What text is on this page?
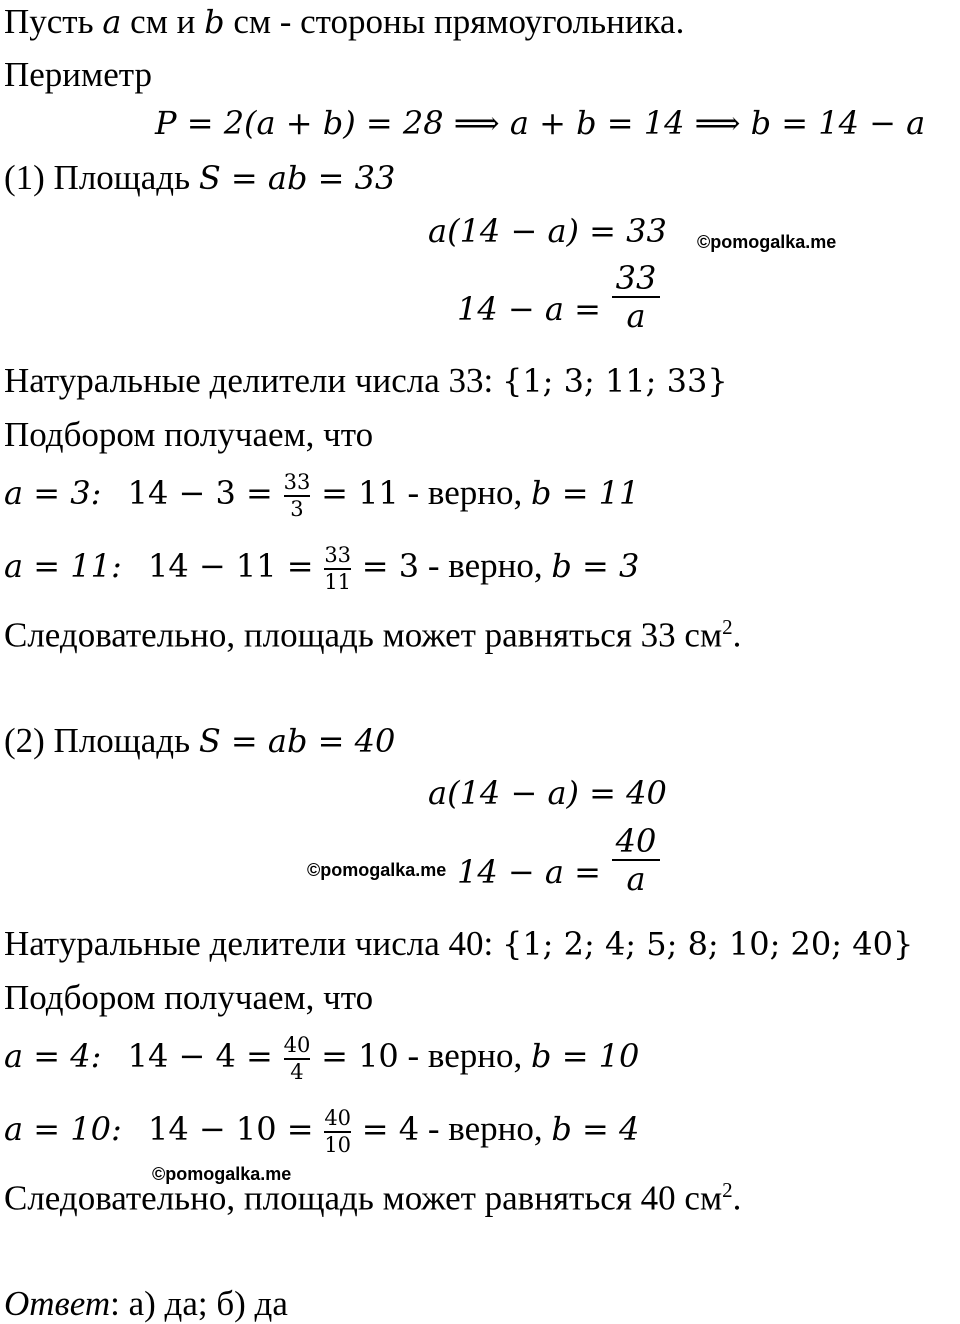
Пусть a см и b см - стороны прямоугольника.
Периметр
P = 2(a + b) = 28 ⟹ a + b = 14 ⟹ b = 14 − a
(1) Площадь S = ab = 33
a(14 − a) = 33 ©pomogalka.me
14 − a =
33
a
Натуральные делители числа 33: {1; 3; 11; 33}
Подбором получаем, что
a = 3: $14 - 3 = \frac{33}{3} = 11$ - верно, b = 11
a = 11: $14 - 11 = \frac{33}{11} = 3$ - верно, b = 3
Следовательно, площадь может равняться 33 $см^2$.
(2) Площадь S = ab = 40
a(14 − a) = 40
©pomogalka.me 14 − a =
40
a
Натуральные делители числа 40: {1; 2; 4; 5; 8; 10; 20; 40}
Подбором получаем, что
a = 4: $14 - 4 = \frac{40}{4} = 10$ - верно, b = 10
a = 10: $14 - 10 = \frac{40}{10} = 4$ - верно, b = 4
©pomogalka.me
Следовательно, площадь может равняться 40 $см^2$.
Ответ: а) да; б) да
